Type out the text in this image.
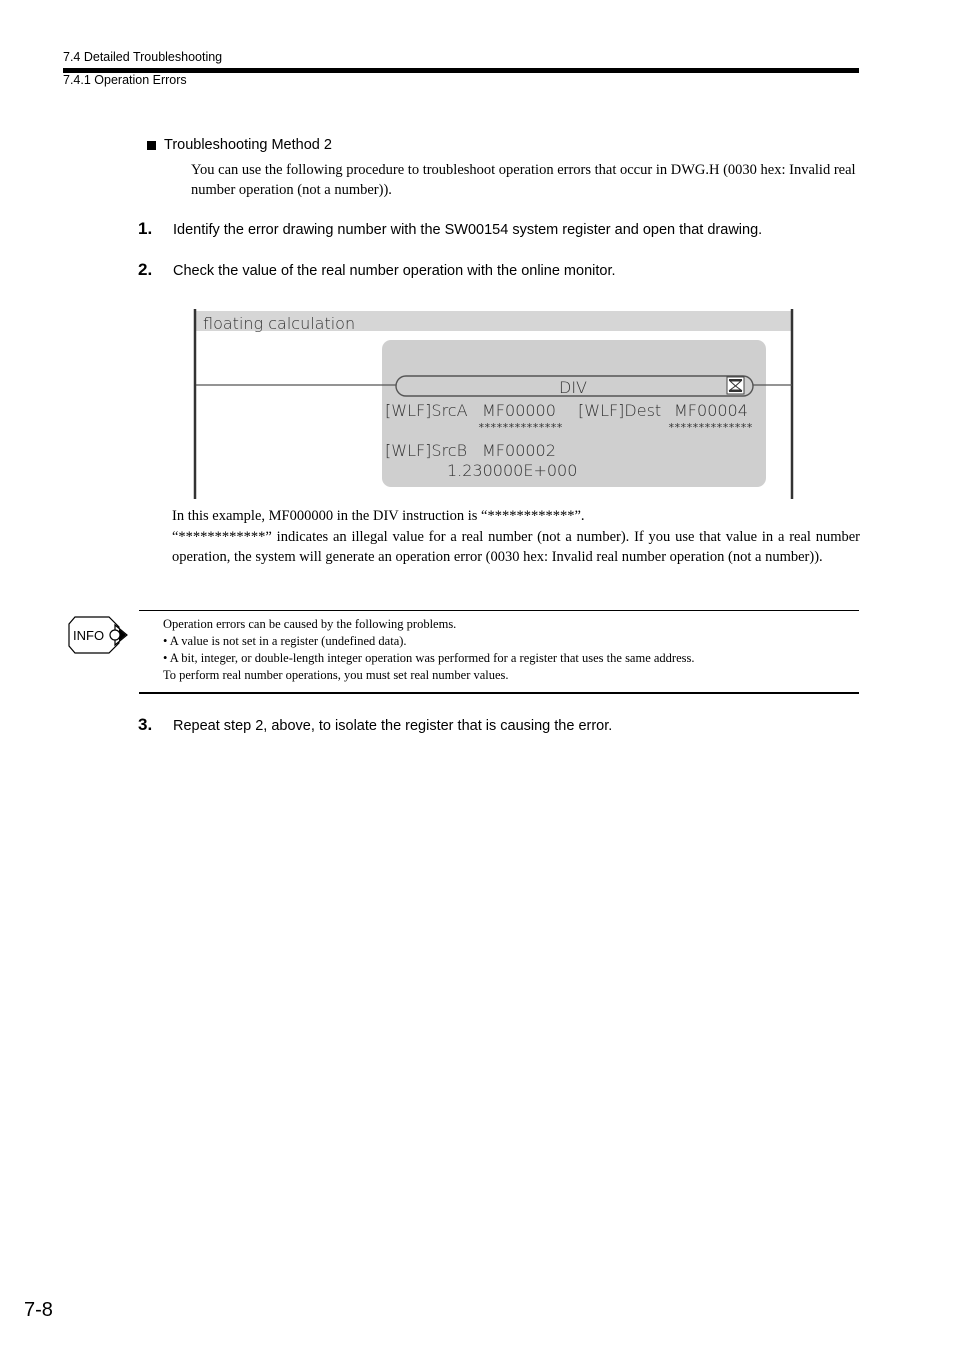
7.4 Detailed Troubleshooting
7.4.1 Operation Errors
Troubleshooting Method 2
You can use the following procedure to troubleshoot operation errors that occur in DWG.H (0030 hex: Invalid real number operation (not a number)).
1.	Identify the error drawing number with the SW00154 system register and open that drawing.
2.	Check the value of the real number operation with the online monitor.
floating calculation
DIV
[WLF]SrcA MF00000
**************
[WLF]Dest MF00004
**************
[WLF]SrcB MF00002
1.230000E+000

In this example, MF000000 in the DIV instruction is “************”.

“************” indicates an illegal value for a real number (not a number). If you use that value in a real number operation, the system will generate an operation error (0030 hex: Invalid real number operation (not a number)).

INFO
Operation errors can be caused by the following problems.
• A value is not set in a register (undefined data).
• A bit, integer, or double-length integer operation was performed for a register that uses the same address.
To perform real number operations, you must set real number values.
3.	Repeat step 2, above, to isolate the register that is causing the error.
7-8
